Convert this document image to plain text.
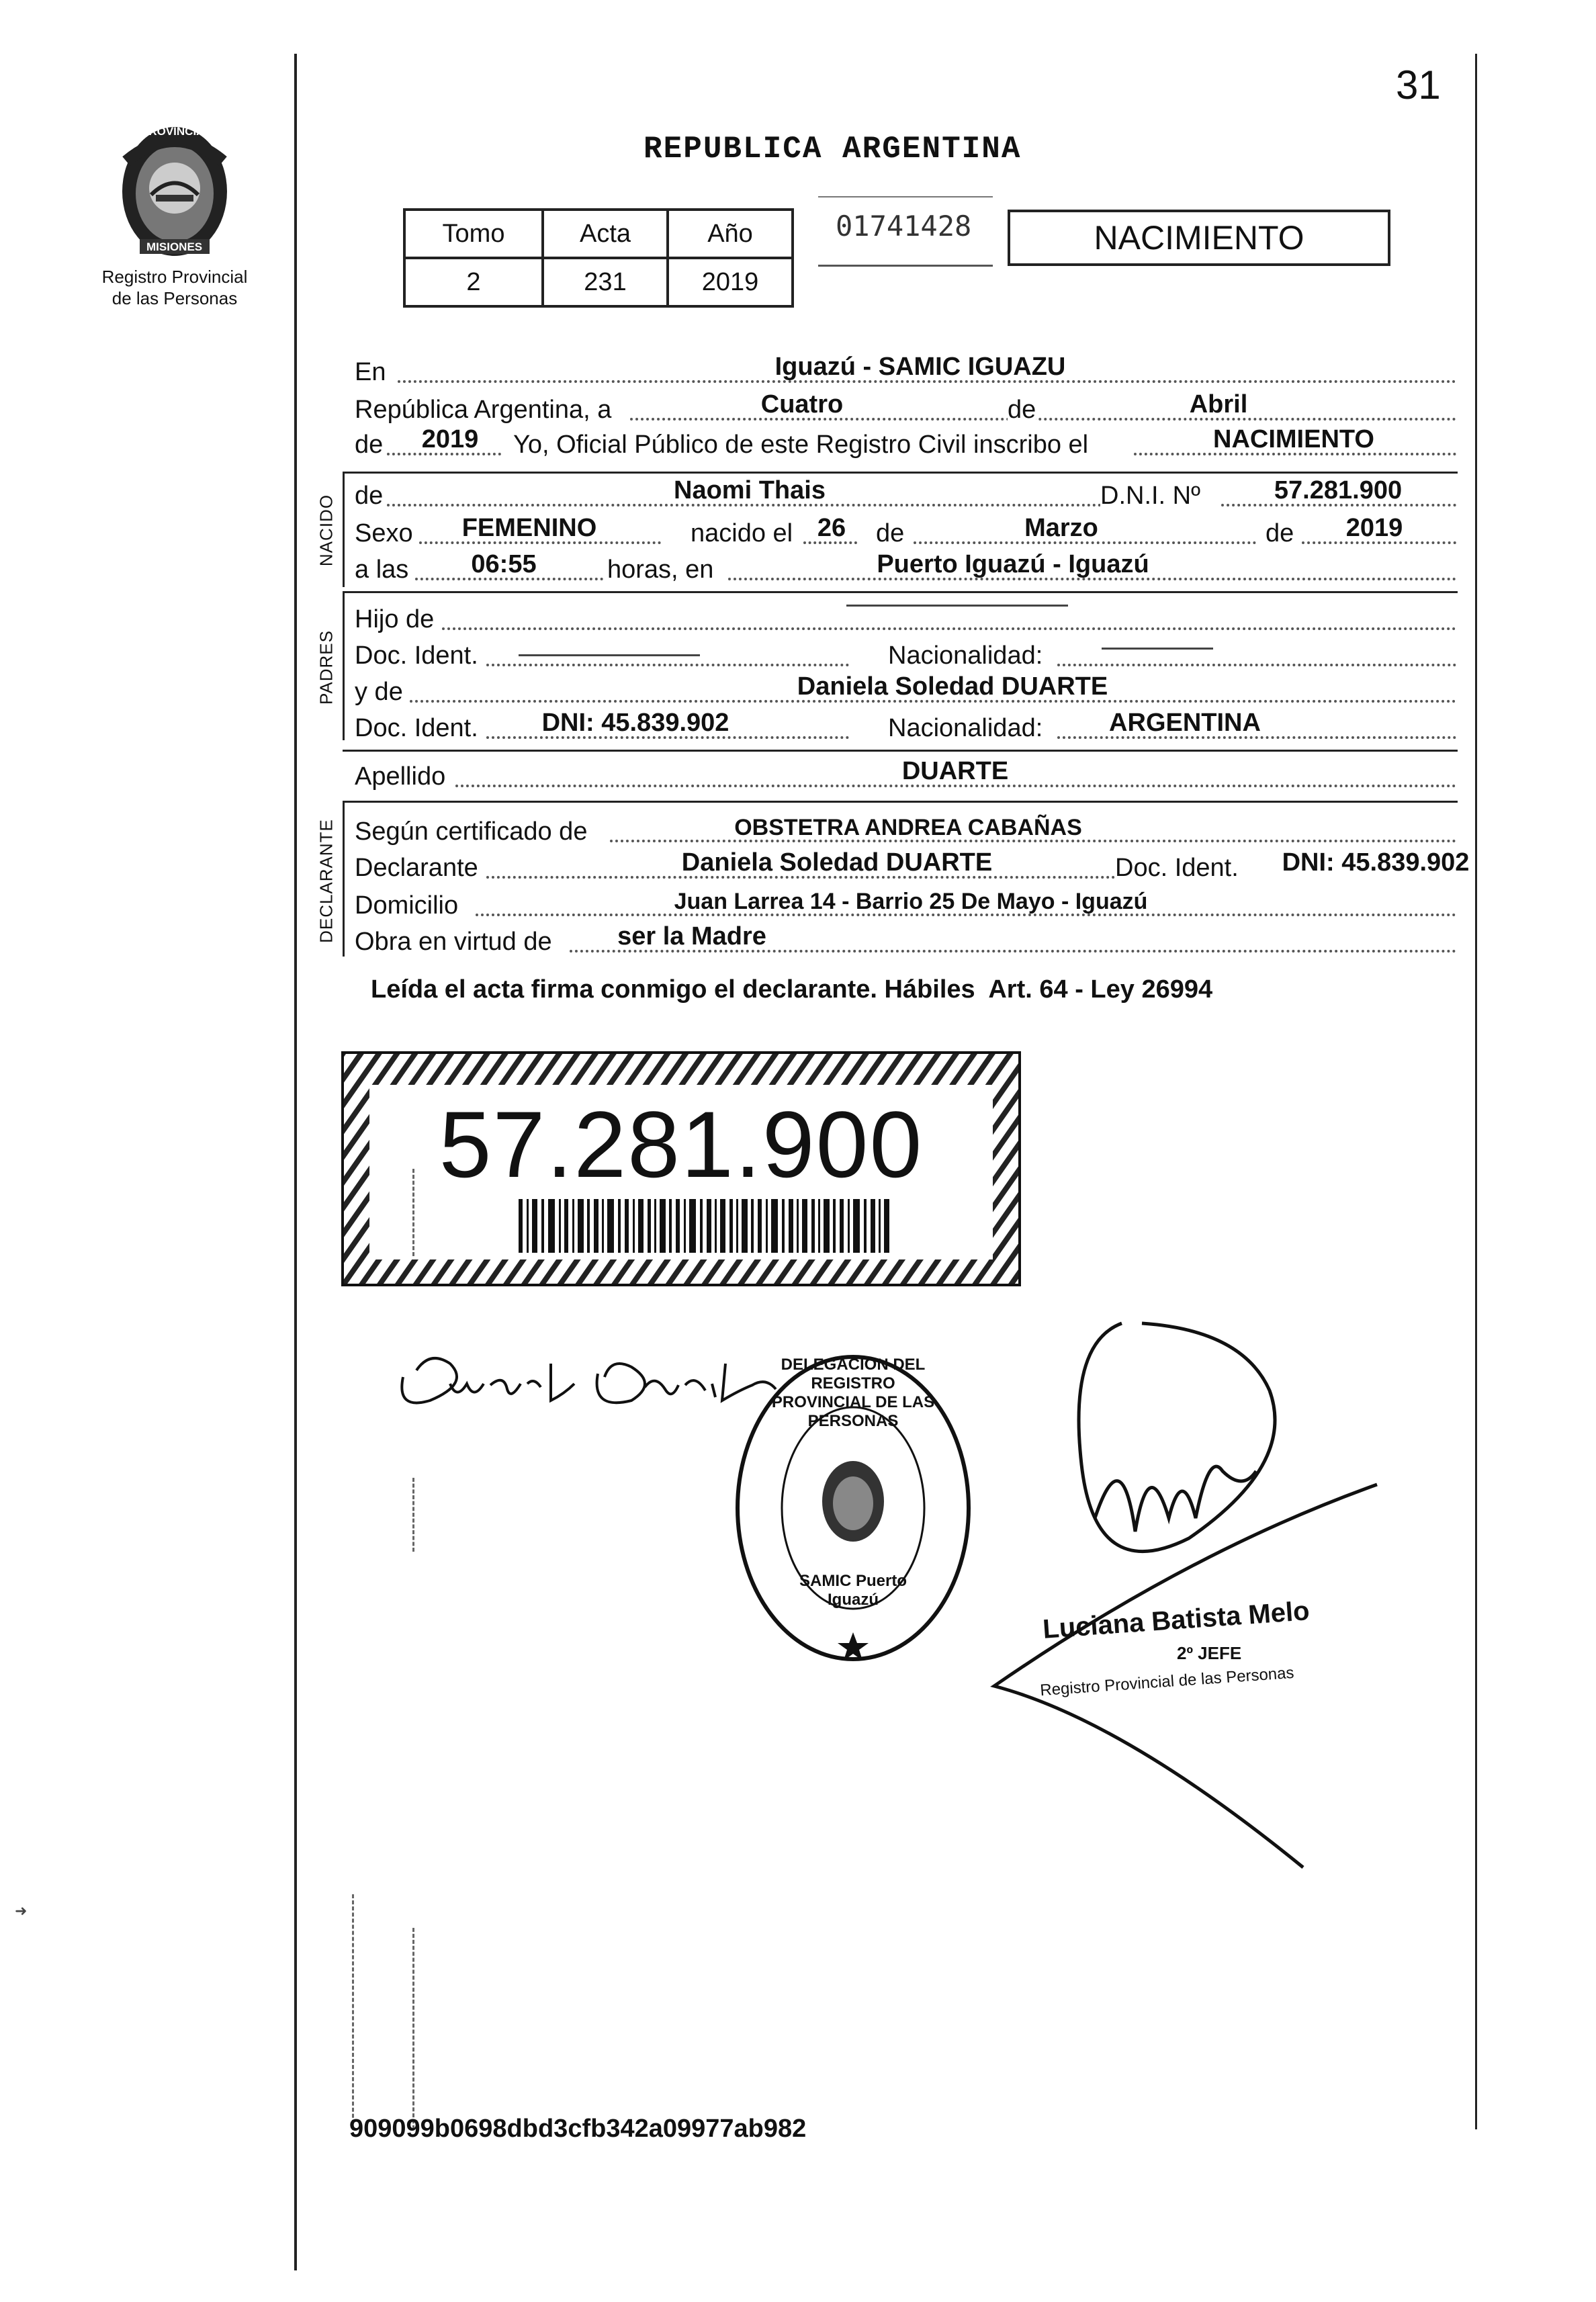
PROVINCIA DE
MISIONES
Registro Provincial
de las Personas
31
REPUBLICA ARGENTINA
Tomo	Acta	Año
2	231	2019
01741428	NACIMIENTO
En	Iguazú - SAMIC IGUAZU
República Argentina, a	Cuatro	de	Abril
de 2019 Yo, Oficial Público de este Registro Civil inscribo el	NACIMIENTO
NACIDO de	Naomi Thais	D.N.I. Nº	57.281.900
Sexo FEMENINO	nacido el 26 de	Marzo	de 2019
a las 06:55	horas, en	Puerto Iguazú - Iguazú
PADRES
Hijo de
Doc. Ident.	Nacionalidad:
y de	Daniela Soledad DUARTE
Doc. Ident. DNI: 45.839.902	Nacionalidad:	ARGENTINA
Apellido	DUARTE
DECLARANTE Según certificado de	OBSTETRA ANDREA CABAÑAS
Declarante	Daniela Soledad DUARTE	Doc. Ident. DNI: 45.839.902
Domicilio	Juan Larrea 14 - Barrio 25 De Mayo - Iguazú
Obra en virtud de	ser la Madre
Leída el acta firma conmigo el declarante. Hábiles  Art. 64 - Ley 26994
57.281.900
DELEGACION DEL REGISTRO PROVINCIAL DE LAS PERSONAS
SAMIC Puerto Iguazú	Luciana Batista Melo
2º JEFE
Registro Provincial de las Personas
➜
909099b0698dbd3cfb342a09977ab982
